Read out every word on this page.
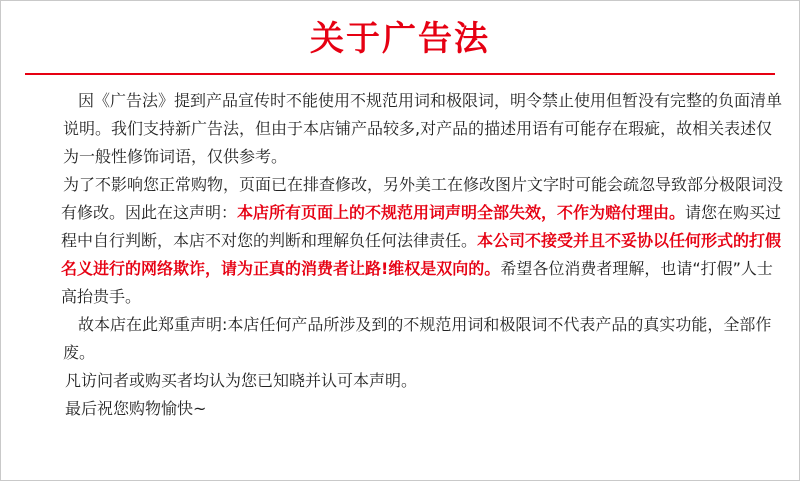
关于广告法

因《广告法》提到产品宣传时不能使用不规范用词和极限词，明令禁止使用但暂没有完整的负面清单说明。我们支持新广告法，但由于本店铺产品较多,对产品的描述用语有可能存在瑕疵，故相关表述仅为一般性修饰词语，仅供参考。

为了不影响您正常购物，页面已在排查修改，另外美工在修改图片文字时可能会疏忽导致部分极限词没有修改。因此在这声明：本店所有页面上的不规范用词声明全部失效，不作为赔付理由。请您在购买过程中自行判断，本店不对您的判断和理解负任何法律责任。本公司不接受并且不妥协以任何形式的打假名义进行的网络欺诈，请为正真的消费者让路!维权是双向的。希望各位消费者理解，也请“打假”人士高抬贵手。

故本店在此郑重声明:本店任何产品所涉及到的不规范用词和极限词不代表产品的真实功能，全部作废。

凡访问者或购买者均认为您已知晓并认可本声明。

最后祝您购物愉快~
